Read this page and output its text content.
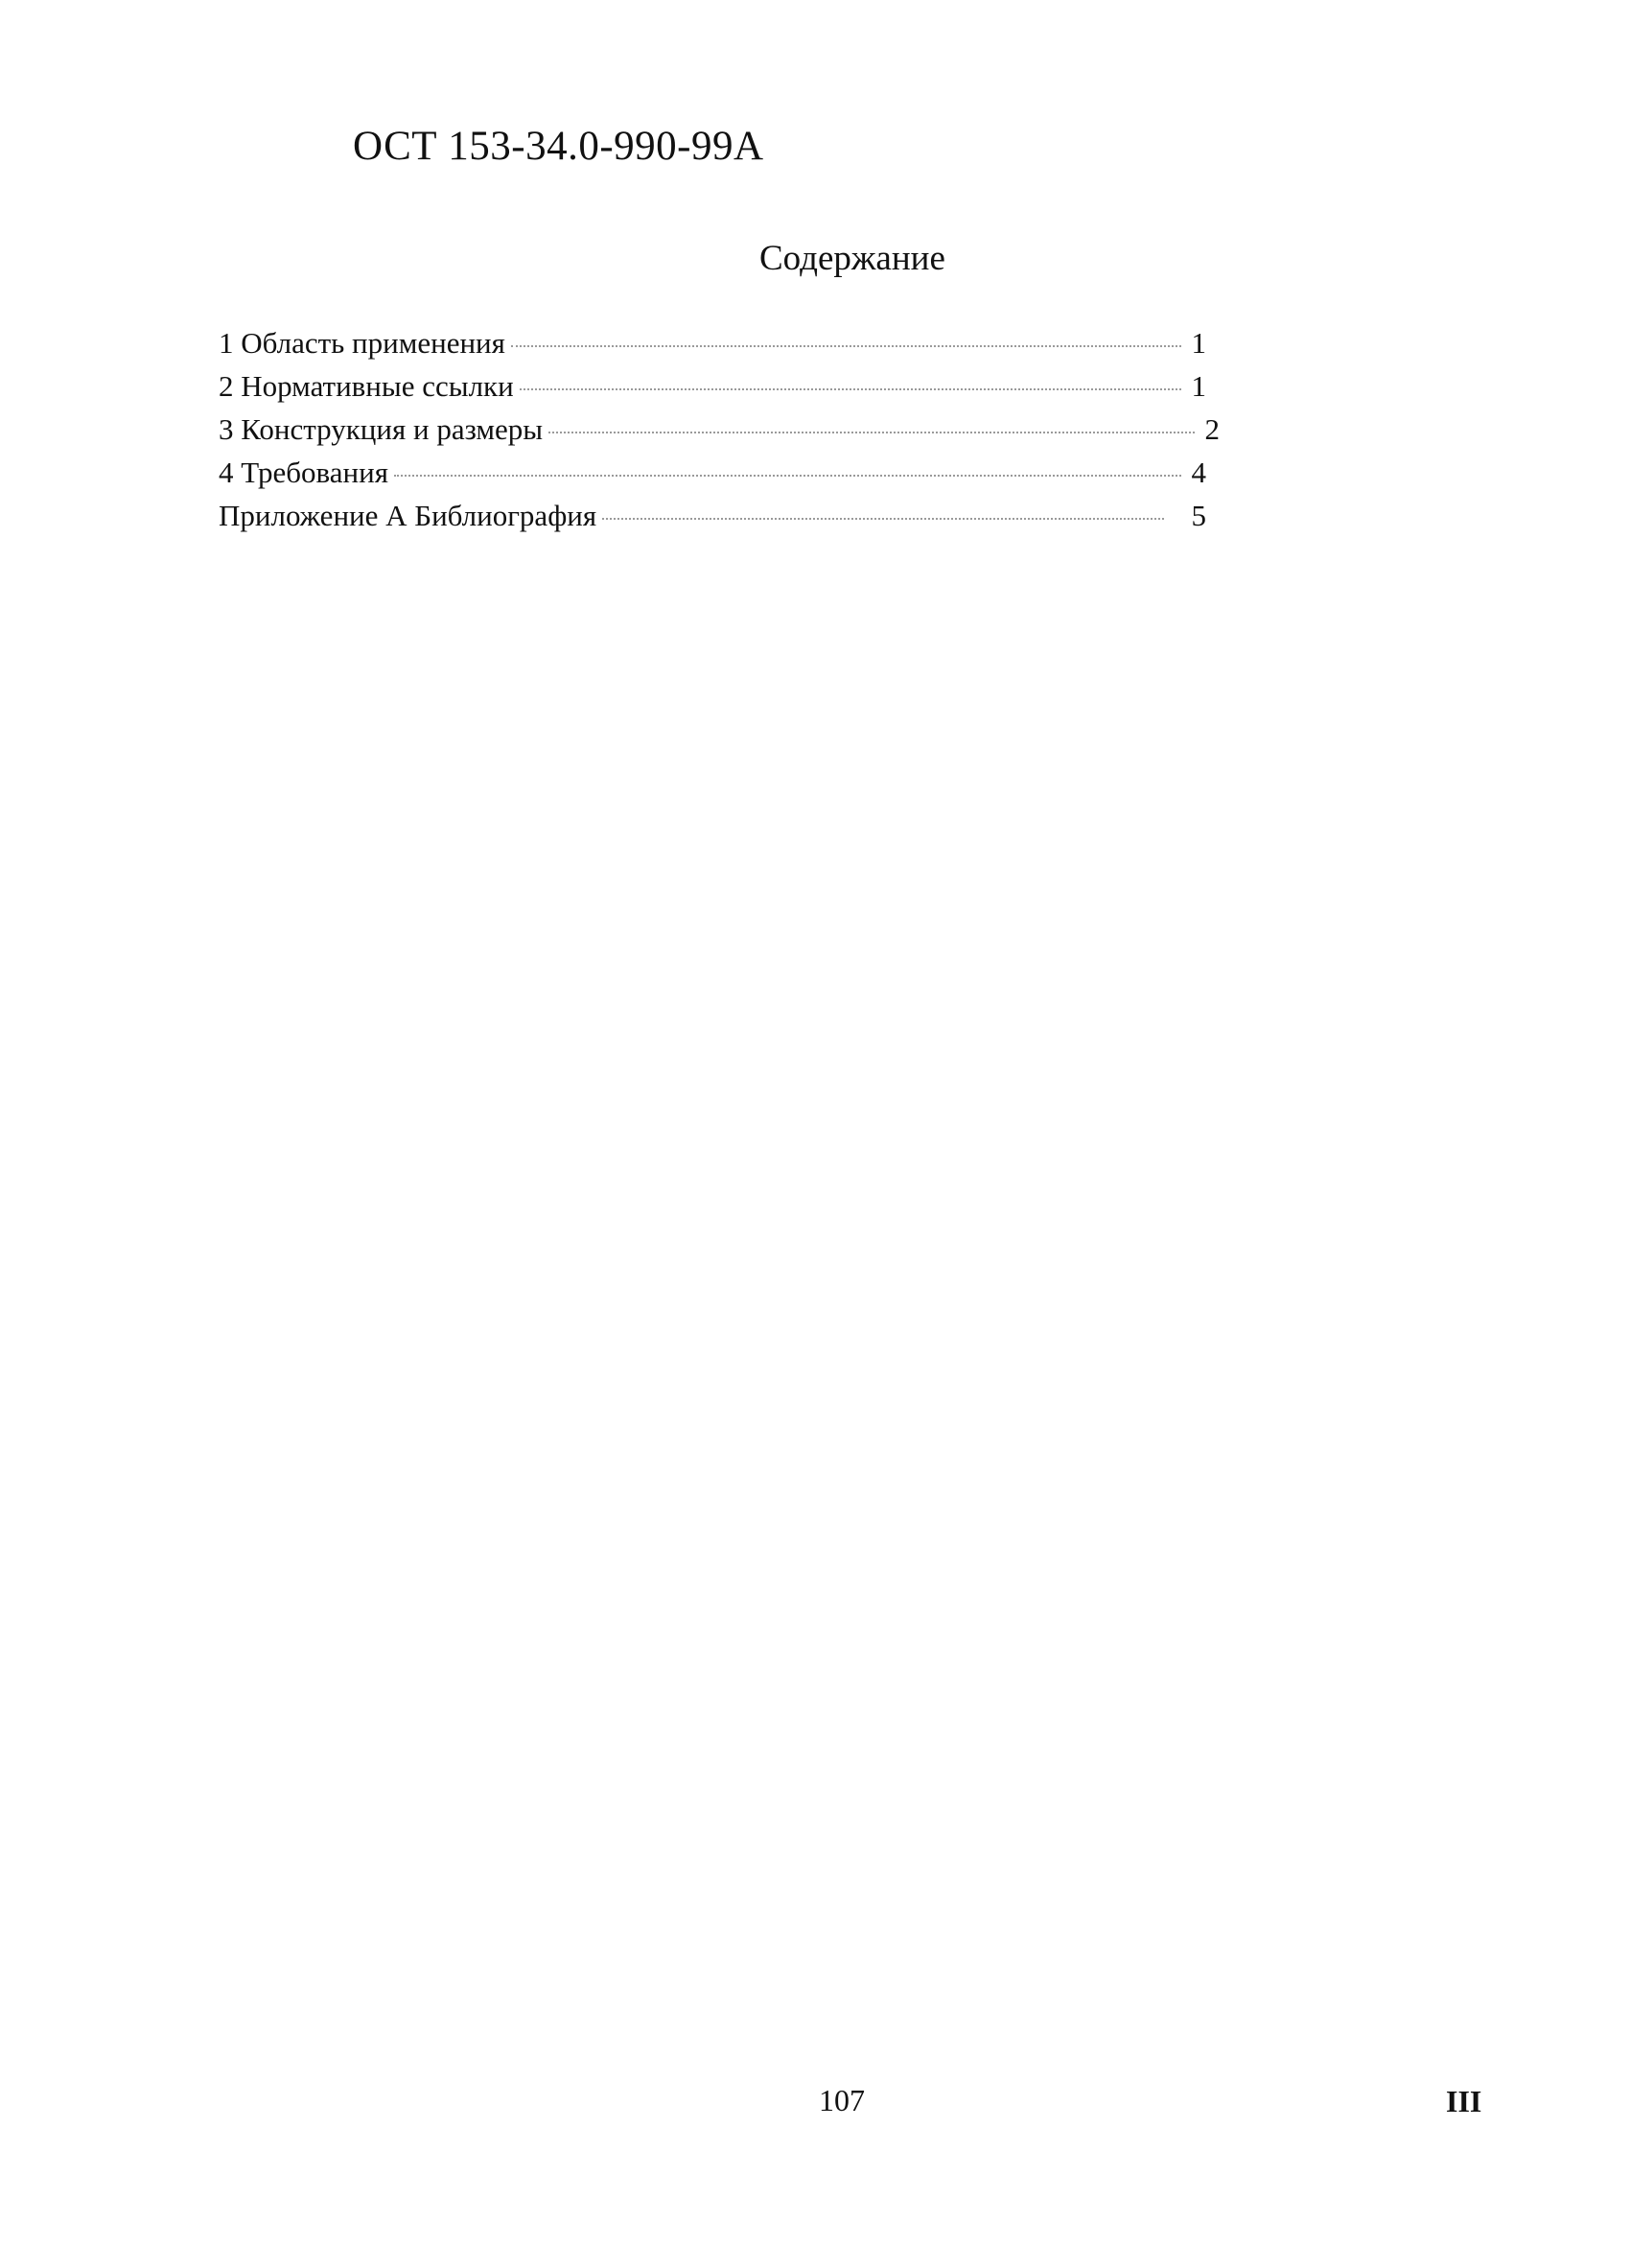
ОСТ 153-34.0-990-99А
Содержание
1 Область применения	1
2 Нормативные ссылки	1
3 Конструкция и размеры	2
4 Требования	4
Приложение А Библиография	5
107	III
